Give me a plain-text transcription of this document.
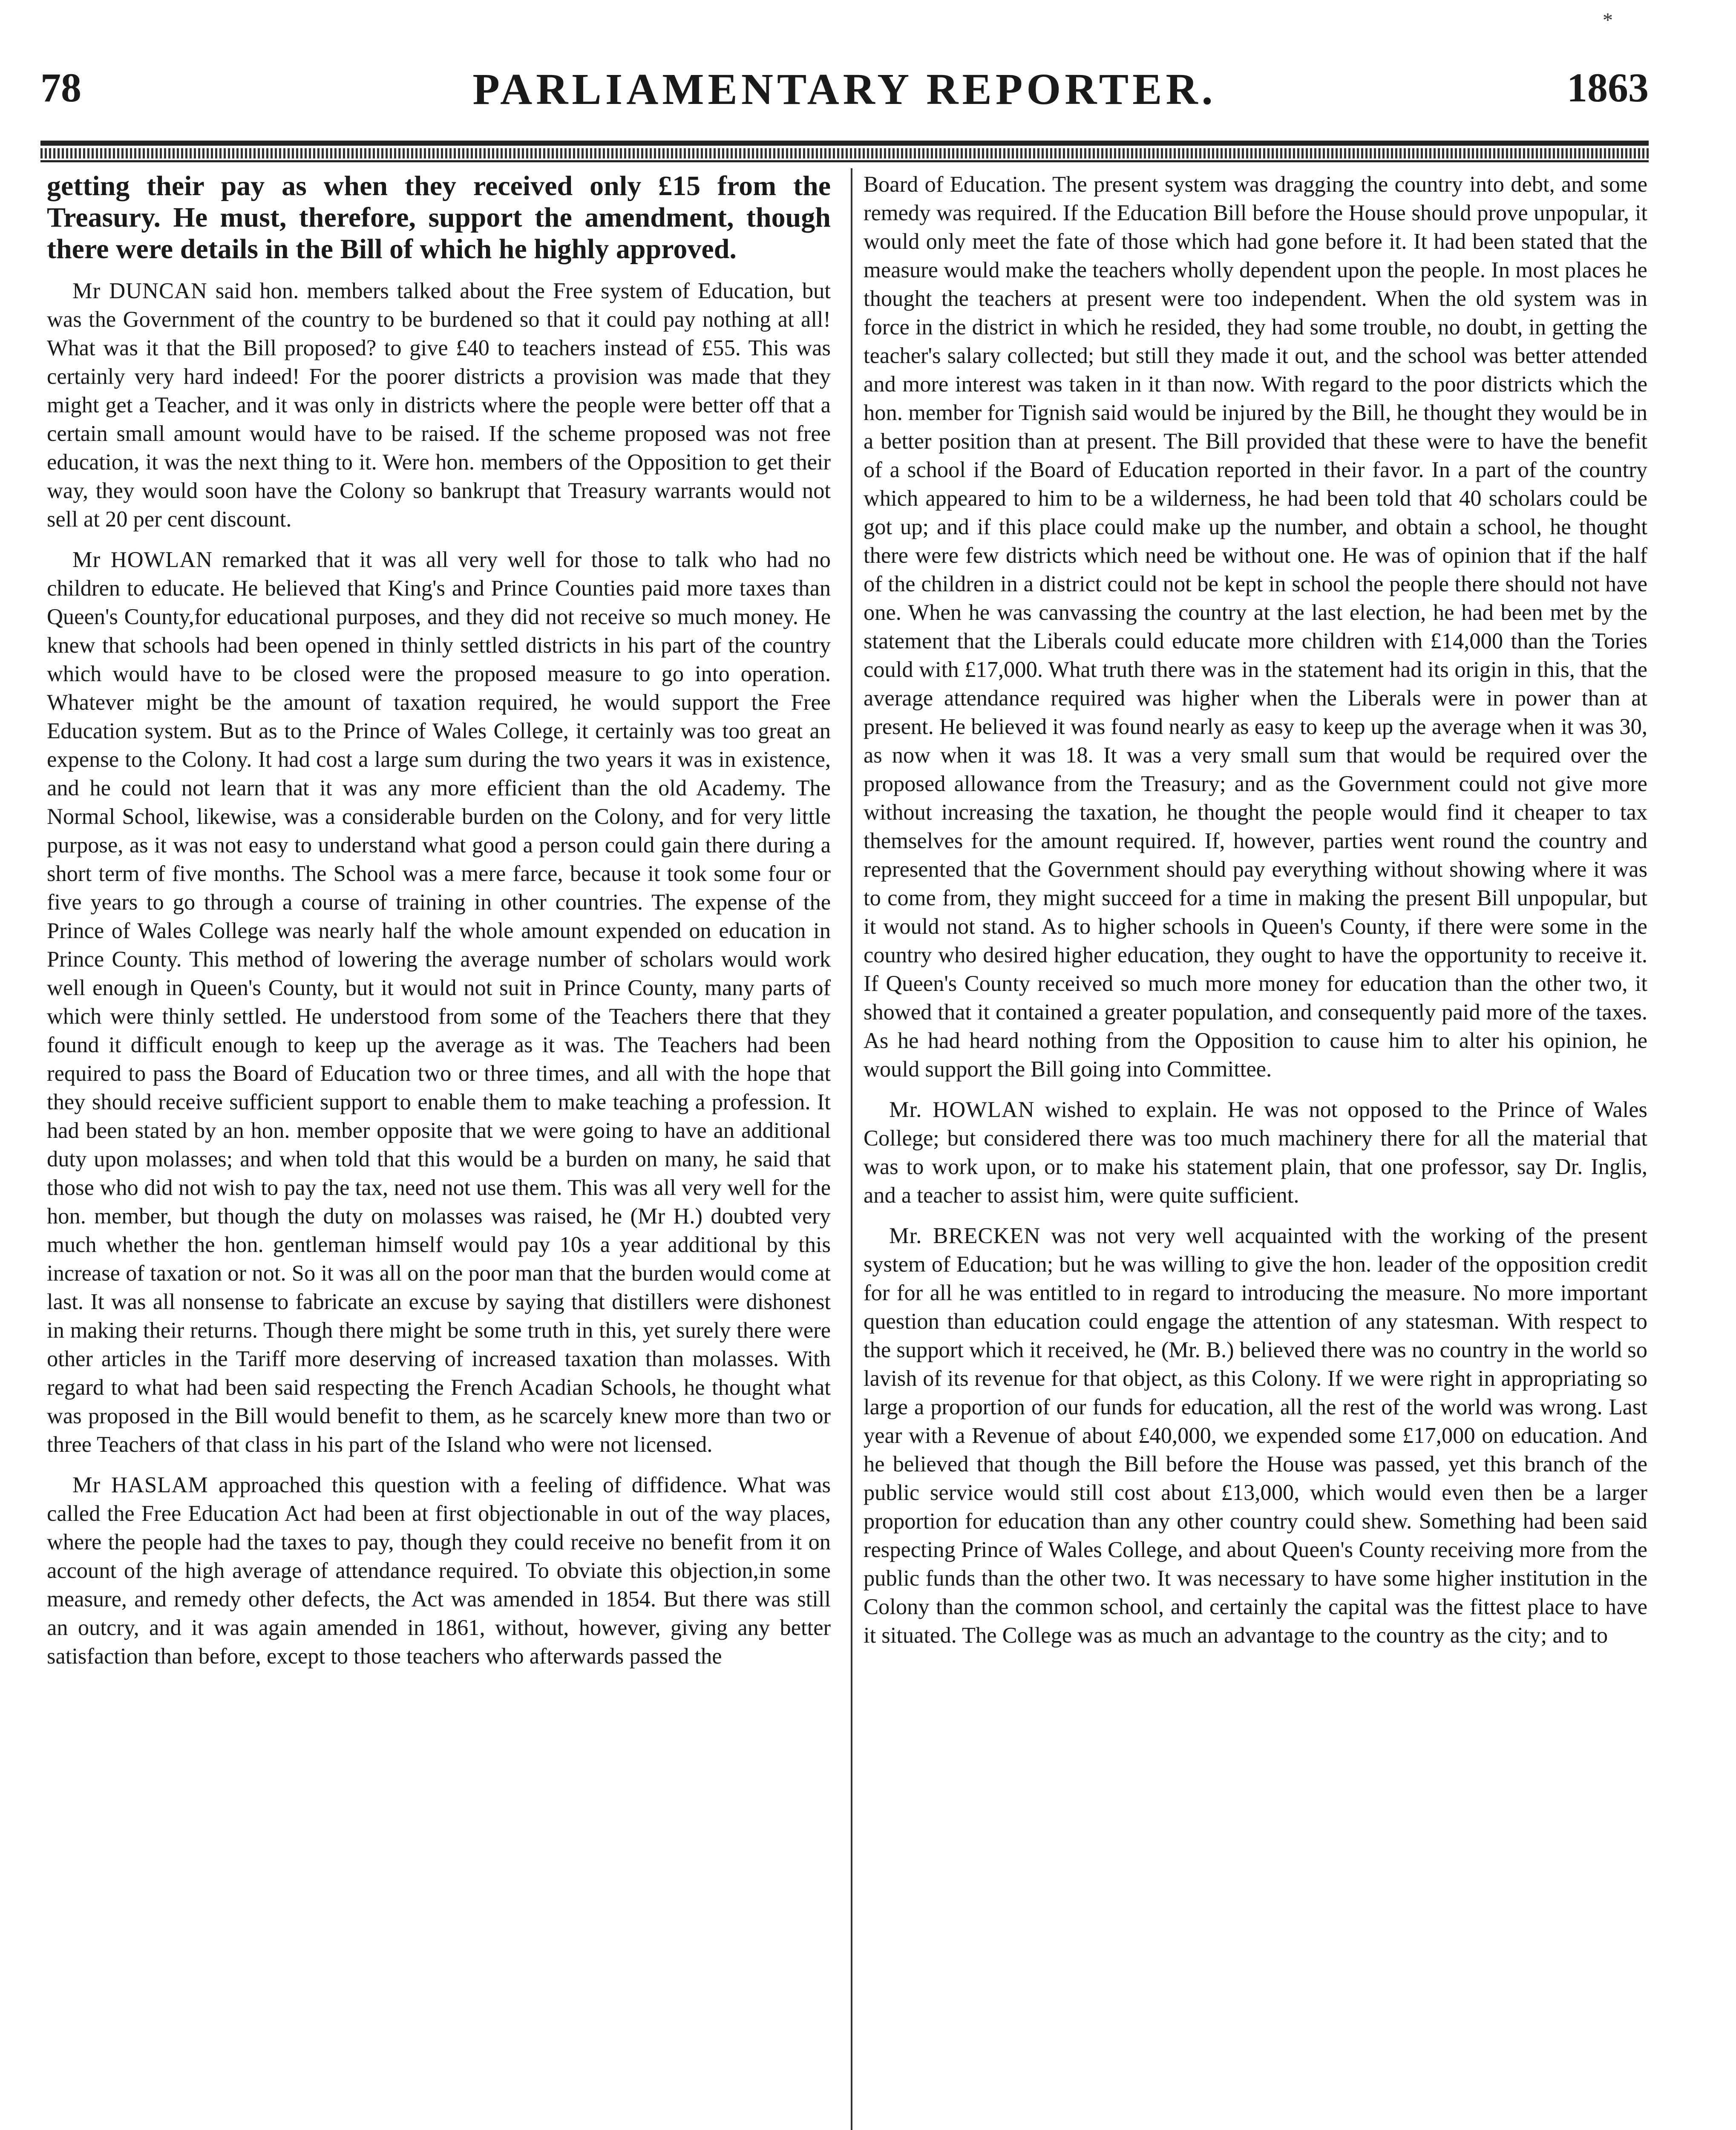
*
78	PARLIAMENTARY REPORTER.	1863

getting their pay as when they received only £15 from the Treasury. He must, therefore, support the amendment, though there were details in the Bill of which he highly approved.

Mr DUNCAN said hon. members talked about the Free system of Education, but was the Government of the country to be burdened so that it could pay nothing at all! What was it that the Bill proposed? to give £40 to teachers instead of £55. This was certainly very hard indeed! For the poorer districts a provision was made that they might get a Teacher, and it was only in districts where the people were better off that a certain small amount would have to be raised. If the scheme proposed was not free education, it was the next thing to it. Were hon. members of the Opposition to get their way, they would soon have the Colony so bankrupt that Treasury warrants would not sell at 20 per cent discount.

Mr HOWLAN remarked that it was all very well for those to talk who had no children to educate. He believed that King's and Prince Counties paid more taxes than Queen's County,for educational purposes, and they did not receive so much money. He knew that schools had been opened in thinly settled districts in his part of the country which would have to be closed were the proposed measure to go into operation. Whatever might be the amount of taxation required, he would support the Free Education system. But as to the Prince of Wales College, it certainly was too great an expense to the Colony. It had cost a large sum during the two years it was in existence, and he could not learn that it was any more efficient than the old Academy. The Normal School, likewise, was a considerable burden on the Colony, and for very little purpose, as it was not easy to understand what good a person could gain there during a short term of five months. The School was a mere farce, because it took some four or five years to go through a course of training in other countries. The expense of the Prince of Wales College was nearly half the whole amount expended on education in Prince County. This method of lowering the average number of scholars would work well enough in Queen's County, but it would not suit in Prince County, many parts of which were thinly settled. He understood from some of the Teachers there that they found it difficult enough to keep up the average as it was. The Teachers had been required to pass the Board of Education two or three times, and all with the hope that they should receive sufficient support to enable them to make teaching a profession. It had been stated by an hon. member opposite that we were going to have an additional duty upon molasses; and when told that this would be a burden on many, he said that those who did not wish to pay the tax, need not use them. This was all very well for the hon. member, but though the duty on molasses was raised, he (Mr H.) doubted very much whether the hon. gentleman himself would pay 10s a year additional by this increase of taxation or not. So it was all on the poor man that the burden would come at last. It was all nonsense to fabricate an excuse by saying that distillers were dishonest in making their returns. Though there might be some truth in this, yet surely there were other articles in the Tariff more deserving of increased taxation than molasses. With regard to what had been said respecting the French Acadian Schools, he thought what was proposed in the Bill would benefit to them, as he scarcely knew more than two or three Teachers of that class in his part of the Island who were not licensed.

Mr HASLAM approached this question with a feeling of diffidence. What was called the Free Education Act had been at first objectionable in out of the way places, where the people had the taxes to pay, though they could receive no benefit from it on account of the high average of attendance required. To obviate this objection,in some measure, and remedy other defects, the Act was amended in 1854. But there was still an outcry, and it was again amended in 1861, without, however, giving any better satisfaction than before, except to those teachers who afterwards passed the

Board of Education. The present system was dragging the country into debt, and some remedy was required. If the Education Bill before the House should prove unpopular, it would only meet the fate of those which had gone before it. It had been stated that the measure would make the teachers wholly dependent upon the people. In most places he thought the teachers at present were too independent. When the old system was in force in the district in which he resided, they had some trouble, no doubt, in getting the teacher's salary collected; but still they made it out, and the school was better attended and more interest was taken in it than now. With regard to the poor districts which the hon. member for Tignish said would be injured by the Bill, he thought they would be in a better position than at present. The Bill provided that these were to have the benefit of a school if the Board of Education reported in their favor. In a part of the country which appeared to him to be a wilderness, he had been told that 40 scholars could be got up; and if this place could make up the number, and obtain a school, he thought there were few districts which need be without one. He was of opinion that if the half of the children in a district could not be kept in school the people there should not have one. When he was canvassing the country at the last election, he had been met by the statement that the Liberals could educate more children with £14,000 than the Tories could with £17,000. What truth there was in the statement had its origin in this, that the average attendance required was higher when the Liberals were in power than at present. He believed it was found nearly as easy to keep up the average when it was 30, as now when it was 18. It was a very small sum that would be required over the proposed allowance from the Treasury; and as the Government could not give more without increasing the taxation, he thought the people would find it cheaper to tax themselves for the amount required. If, however, parties went round the country and represented that the Government should pay everything without showing where it was to come from, they might succeed for a time in making the present Bill unpopular, but it would not stand. As to higher schools in Queen's County, if there were some in the country who desired higher education, they ought to have the opportunity to receive it. If Queen's County received so much more money for education than the other two, it showed that it contained a greater population, and consequently paid more of the taxes. As he had heard nothing from the Opposition to cause him to alter his opinion, he would support the Bill going into Committee.

Mr. HOWLAN wished to explain. He was not opposed to the Prince of Wales College; but considered there was too much machinery there for all the material that was to work upon, or to make his statement plain, that one professor, say Dr. Inglis, and a teacher to assist him, were quite sufficient.

Mr. BRECKEN was not very well acquainted with the working of the present system of Education; but he was willing to give the hon. leader of the opposition credit for for all he was entitled to in regard to introducing the measure. No more important question than education could engage the attention of any statesman. With respect to the support which it received, he (Mr. B.) believed there was no country in the world so lavish of its revenue for that object, as this Colony. If we were right in appropriating so large a proportion of our funds for education, all the rest of the world was wrong. Last year with a Revenue of about £40,000, we expended some £17,000 on education. And he believed that though the Bill before the House was passed, yet this branch of the public service would still cost about £13,000, which would even then be a larger proportion for education than any other country could shew. Something had been said respecting Prince of Wales College, and about Queen's County receiving more from the public funds than the other two. It was necessary to have some higher institution in the Colony than the common school, and certainly the capital was the fittest place to have it situated. The College was as much an advantage to the country as the city; and to
